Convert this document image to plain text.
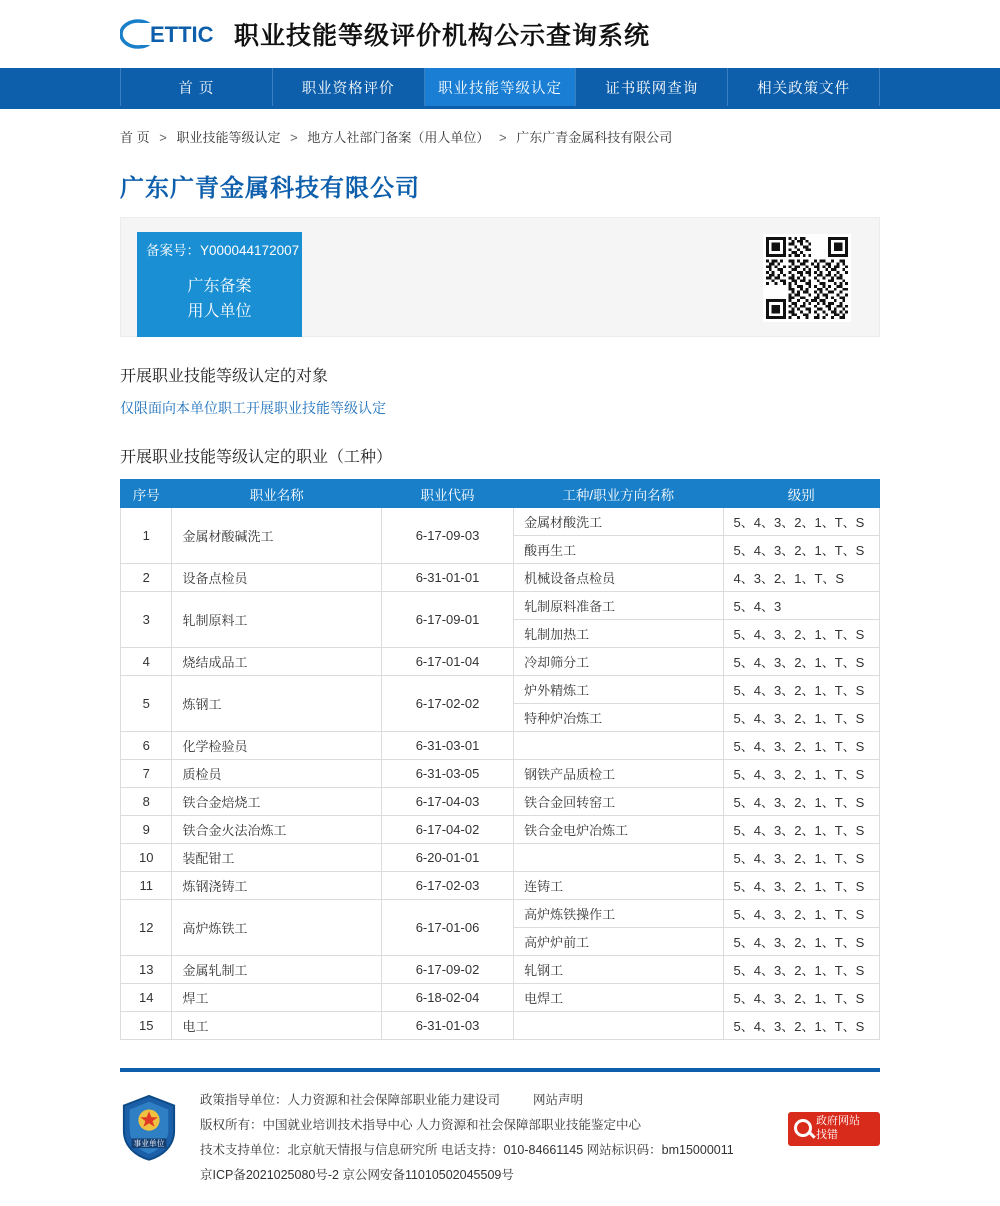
ETTIC 职业技能等级评价机构公示查询系统
首 页	职业资格评价	职业技能等级认定	证书联网查询	相关政策文件
首 页 > 职业技能等级认定 > 地方人社部门备案（用人单位） > 广东广青金属科技有限公司
广东广青金属科技有限公司
备案号：Y000044172007
广东备案
用人单位
开展职业技能等级认定的对象
仅限面向本单位职工开展职业技能等级认定
开展职业技能等级认定的职业（工种）
序号	职业名称	职业代码	工种/职业方向名称	级别
1	金属材酸碱洗工	6-17-09-03	金属材酸洗工	5、4、3、2、1、T、S
			酸再生工	5、4、3、2、1、T、S
2	设备点检员	6-31-01-01	机械设备点检员	4、3、2、1、T、S
3	轧制原料工	6-17-09-01	轧制原料准备工	5、4、3
			轧制加热工	5、4、3、2、1、T、S
4	烧结成品工	6-17-01-04	冷却筛分工	5、4、3、2、1、T、S
5	炼钢工	6-17-02-02	炉外精炼工	5、4、3、2、1、T、S
			特种炉冶炼工	5、4、3、2、1、T、S
6	化学检验员	6-31-03-01		5、4、3、2、1、T、S
7	质检员	6-31-03-05	钢铁产品质检工	5、4、3、2、1、T、S
8	铁合金焙烧工	6-17-04-03	铁合金回转窑工	5、4、3、2、1、T、S
9	铁合金火法冶炼工	6-17-04-02	铁合金电炉冶炼工	5、4、3、2、1、T、S
10	装配钳工	6-20-01-01		5、4、3、2、1、T、S
11	炼钢浇铸工	6-17-02-03	连铸工	5、4、3、2、1、T、S
12	高炉炼铁工	6-17-01-06	高炉炼铁操作工	5、4、3、2、1、T、S
			高炉炉前工	5、4、3、2、1、T、S
13	金属轧制工	6-17-09-02	轧钢工	5、4、3、2、1、T、S
14	焊工	6-18-02-04	电焊工	5、4、3、2、1、T、S
15	电工	6-31-01-03		5、4、3、2、1、T、S
事业单位
政策指导单位：人力资源和社会保障部职业能力建设司	网站声明
版权所有：中国就业培训技术指导中心 人力资源和社会保障部职业技能鉴定中心
技术支持单位：北京航天情报与信息研究所 电话支持：010-84661145 网站标识码：bm15000011
京ICP备2021025080号-2 京公网安备11010502045509号
政府网站
找错
